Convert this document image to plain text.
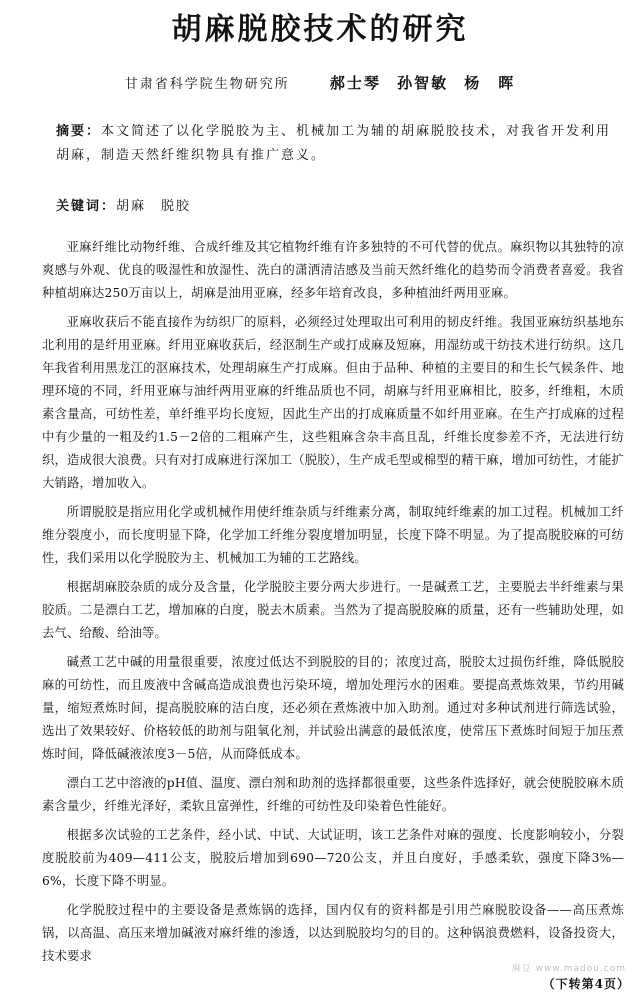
胡麻脱胶技术的研究
甘肃省科学院生物研究所	郝士琴 孙智敏 杨　晖
摘要：本文简述了以化学脱胶为主、机械加工为辅的胡麻脱胶技术，对我省开发利用胡麻，制造天然纤维织物具有推广意义。
关键词：胡麻　脱胶

亚麻纤维比动物纤维、合成纤维及其它植物纤维有许多独特的不可代替的优点。麻织物以其独特的凉爽感与外观、优良的吸湿性和放湿性、洗白的潇洒清洁感及当前天然纤维化的趋势而令消费者喜爱。我省种植胡麻达250万亩以上，胡麻是油用亚麻，经多年培育改良，多种植油纤两用亚麻。

亚麻收获后不能直接作为纺织厂的原料，必须经过处理取出可利用的韧皮纤维。我国亚麻纺织基地东北利用的是纤用亚麻。纤用亚麻收获后，经沤制生产或打成麻及短麻，用湿纺或干纺技术进行纺织。这几年我省利用黑龙江的沤麻技术，处理胡麻生产打成麻。但由于品种、种植的主要目的和生长气候条件、地理环境的不同，纤用亚麻与油纤两用亚麻的纤维品质也不同，胡麻与纤用亚麻相比，胶多，纤维粗，木质素含量高，可纺性差，单纤维平均长度短，因此生产出的打成麻质量不如纤用亚麻。在生产打成麻的过程中有少量的一粗及约1.5－2倍的二粗麻产生，这些粗麻含杂丰高且乱，纤维长度参差不齐，无法进行纺织，造成很大浪费。只有对打成麻进行深加工（脱胶），生产成毛型或棉型的精干麻，增加可纺性，才能扩大销路，增加收入。

所谓脱胶是指应用化学或机械作用使纤维杂质与纤维素分离，制取纯纤维素的加工过程。机械加工纤维分裂度小，而长度明显下降，化学加工纤维分裂度增加明显，长度下降不明显。为了提高脱胶麻的可纺性，我们采用以化学脱胶为主、机械加工为辅的工艺路线。

根据胡麻胶杂质的成分及含量，化学脱胶主要分两大步进行。一是碱煮工艺，主要脱去半纤维素与果胶质。二是漂白工艺，增加麻的白度，脱去木质素。当然为了提高脱胶麻的质量，还有一些辅助处理，如去气、给酸、给油等。

碱煮工艺中碱的用量很重要，浓度过低达不到脱胶的目的；浓度过高，脱胶太过损伤纤维，降低脱胶麻的可纺性，而且废液中含碱高造成浪费也污染环境，增加处理污水的困难。要提高煮炼效果，节约用碱量，缩短煮炼时间，提高脱胶麻的洁白度，还必须在煮炼液中加入助剂。通过对多种试剂进行筛选试验，选出了效果较好、价格较低的助剂与阻氧化剂，并试验出满意的最低浓度，使常压下煮炼时间短于加压煮炼时间，降低碱液浓度3－5倍，从而降低成本。

漂白工艺中溶液的pH值、温度、漂白剂和助剂的选择都很重要，这些条件选择好，就会使脱胶麻木质素含量少，纤维光泽好，柔软且富弹性，纤维的可纺性及印染着色性能好。

根据多次试验的工艺条件，经小试、中试、大试证明，该工艺条件对麻的强度、长度影响较小，分裂度脱胶前为409—411公支，脱胶后增加到690—720公支，并且白度好，手感柔软，强度下降3%—6%，长度下降不明显。

化学脱胶过程中的主要设备是煮炼锅的选择，国内仅有的资料都是引用苎麻脱胶设备——高压煮炼锅，以高温、高压来增加碱液对麻纤维的渗透，以达到脱胶均匀的目的。这种锅浪费燃料，设备投资大，技术要求

麻豆 www.madou.com
（下转第4页）
